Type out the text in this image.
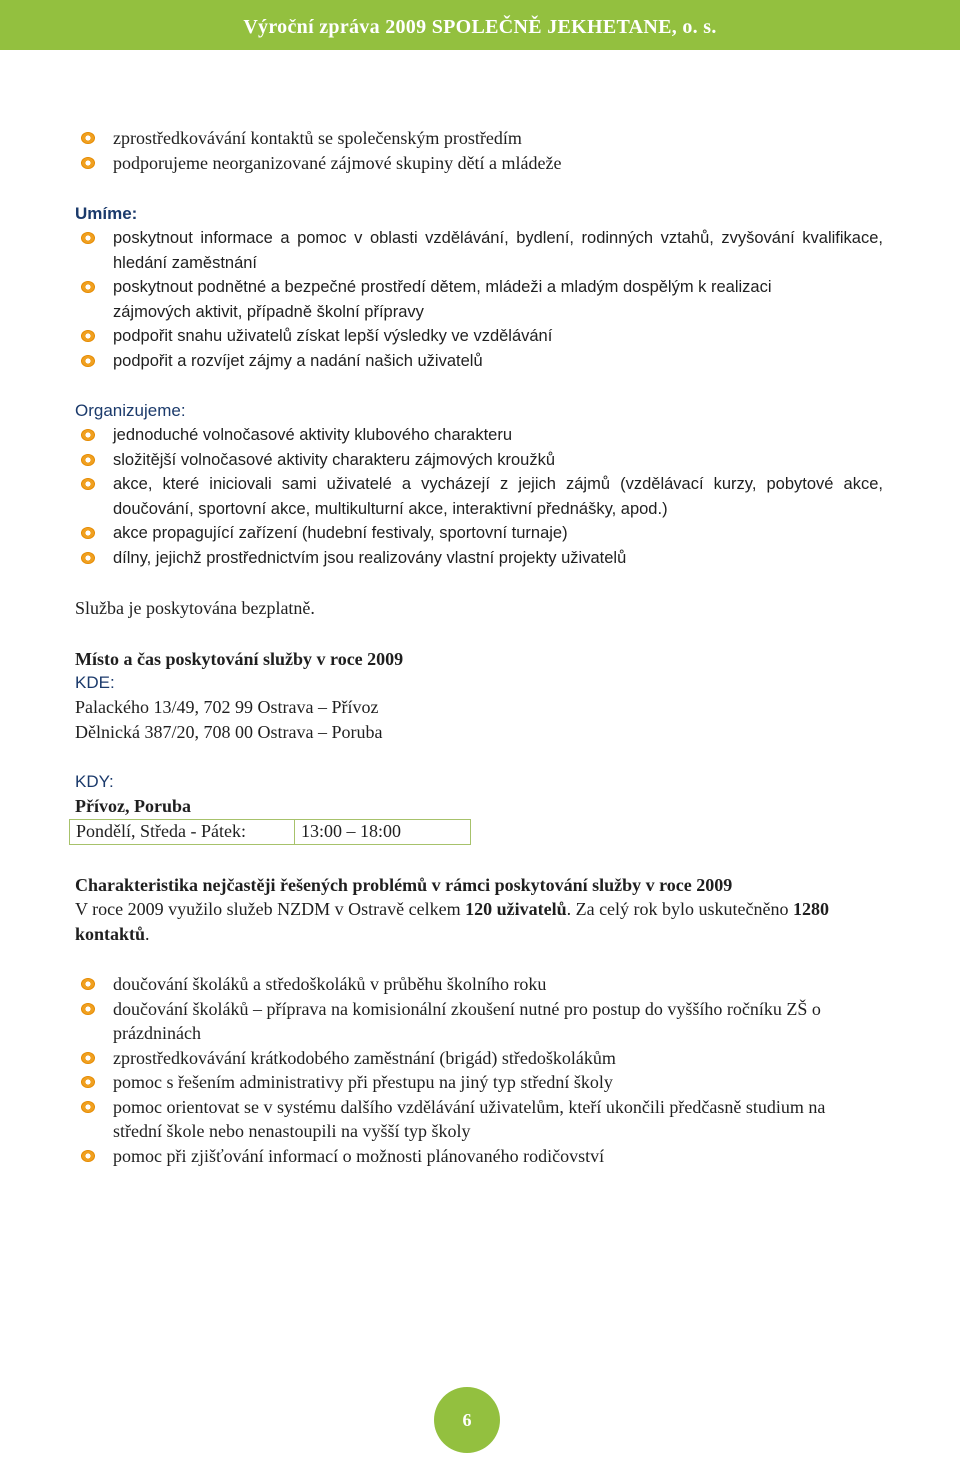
Výroční zpráva 2009 SPOLEČNĚ JEKHETANE, o. s.
zprostředkovávání kontaktů se společenským prostředím
podporujeme neorganizované zájmové skupiny dětí a mládeže

Umíme:

poskytnout informace a pomoc v oblasti vzdělávání, bydlení, rodinných vztahů, zvyšování kvalifikace, hledání zaměstnání
poskytnout podnětné a bezpečné prostředí dětem, mládeži a mladým dospělým k realizaci zájmových aktivit, případně školní přípravy
podpořit snahu uživatelů získat lepší výsledky ve vzdělávání
podpořit a rozvíjet zájmy a nadání našich uživatelů

Organizujeme:

jednoduché volnočasové aktivity klubového charakteru
složitější volnočasové aktivity charakteru zájmových kroužků
akce, které iniciovali sami uživatelé a vycházejí z jejich zájmů (vzdělávací kurzy, pobytové akce, doučování, sportovní akce, multikulturní akce, interaktivní přednášky, apod.)
akce propagující zařízení (hudební festivaly, sportovní turnaje)
dílny, jejichž prostřednictvím jsou realizovány vlastní projekty uživatelů

Služba je poskytována bezplatně.

Místo a čas poskytování služby v roce 2009

KDE:

Palackého 13/49, 702 99 Ostrava – Přívoz

Dělnická 387/20, 708 00 Ostrava – Poruba

KDY:

Přívoz, Poruba

Pondělí, Středa - Pátek:	13:00 – 18:00

Charakteristika nejčastěji řešených problémů v rámci poskytování služby v roce 2009

V roce 2009 využilo služeb NZDM v Ostravě celkem 120 uživatelů. Za celý rok bylo uskutečněno 1280 kontaktů.

doučování školáků a středoškoláků v průběhu školního roku
doučování školáků – příprava na komisionální zkoušení nutné pro postup do vyššího ročníku ZŠ o prázdninách
zprostředkovávání krátkodobého zaměstnání (brigád) středoškolákům
pomoc s řešením administrativy při přestupu na jiný typ střední školy
pomoc orientovat se v systému dalšího vzdělávání uživatelům, kteří ukončili předčasně studium na střední škole nebo nenastoupili na vyšší typ školy
pomoc při zjišťování informací o možnosti plánovaného rodičovství
6
